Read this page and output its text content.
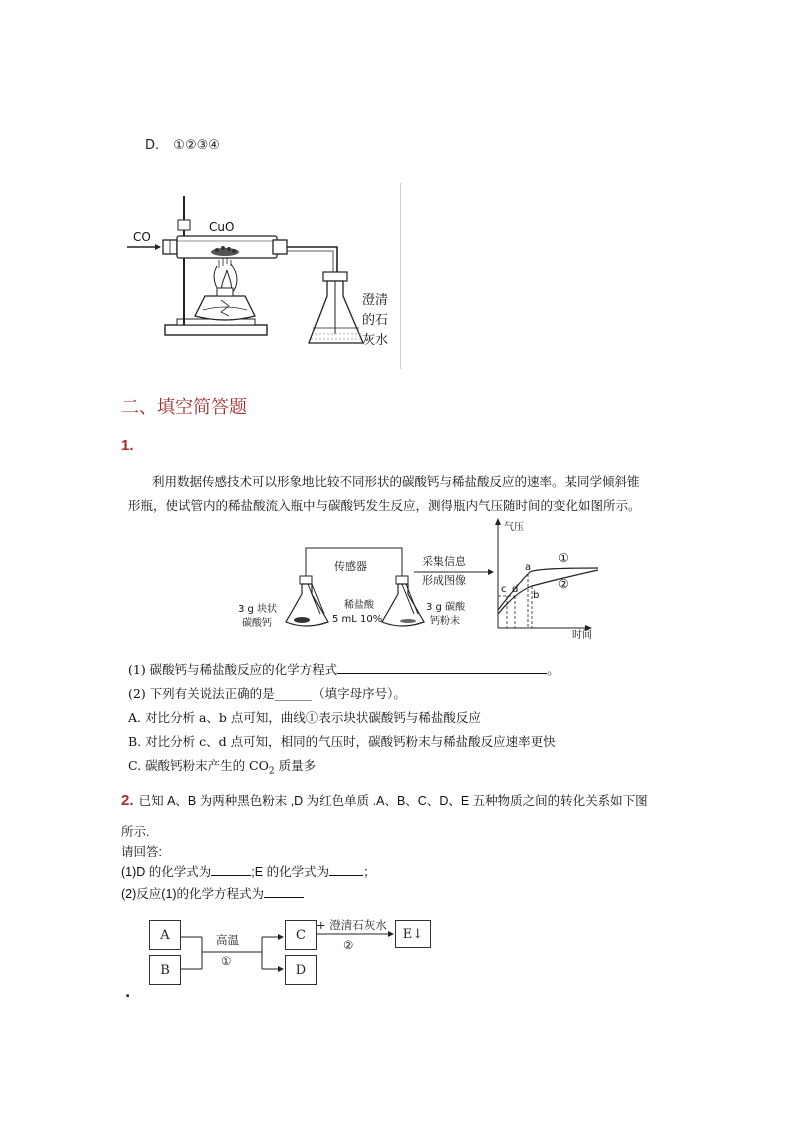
D. ①②③④
CO
CuO
澄清
的石
灰水
二、填空简答题
1.
利用数据传感技术可以形象地比较不同形状的碳酸钙与稀盐酸反应的速率。某同学倾斜锥
形瓶，使试管内的稀盐酸流入瓶中与碳酸钙发生反应，测得瓶内气压随时间的变化如图所示。
传感器	采集信息
形成图像
3 g 块状
碳酸钙
稀盐酸
5 mL 10%
3 g 碳酸
钙粉末
气压
时间
a
b
c d
①
②
(1) 碳酸钙与稀盐酸反应的化学方程式	。
(2) 下列有关说法正确的是______（填字母序号）。
A. 对比分析 a、b 点可知，曲线①表示块状碳酸钙与稀盐酸反应
B. 对比分析 c、d 点可知，相同的气压时，碳酸钙粉末与稀盐酸反应速率更快
C. 碳酸钙粉末产生的 $CO_2$ 质量多
2. 已知 A、B 为两种黑色粉末 ,D 为红色单质 .A、B、C、D、E 五种物质之间的转化关系如下图
所示.
请回答:
(1)D 的化学式为	;E 的化学式为	；
(2)反应(1)的化学方程式为
A
B
C
D
E↓
高温
①
+ 澄清石灰水
②
.
